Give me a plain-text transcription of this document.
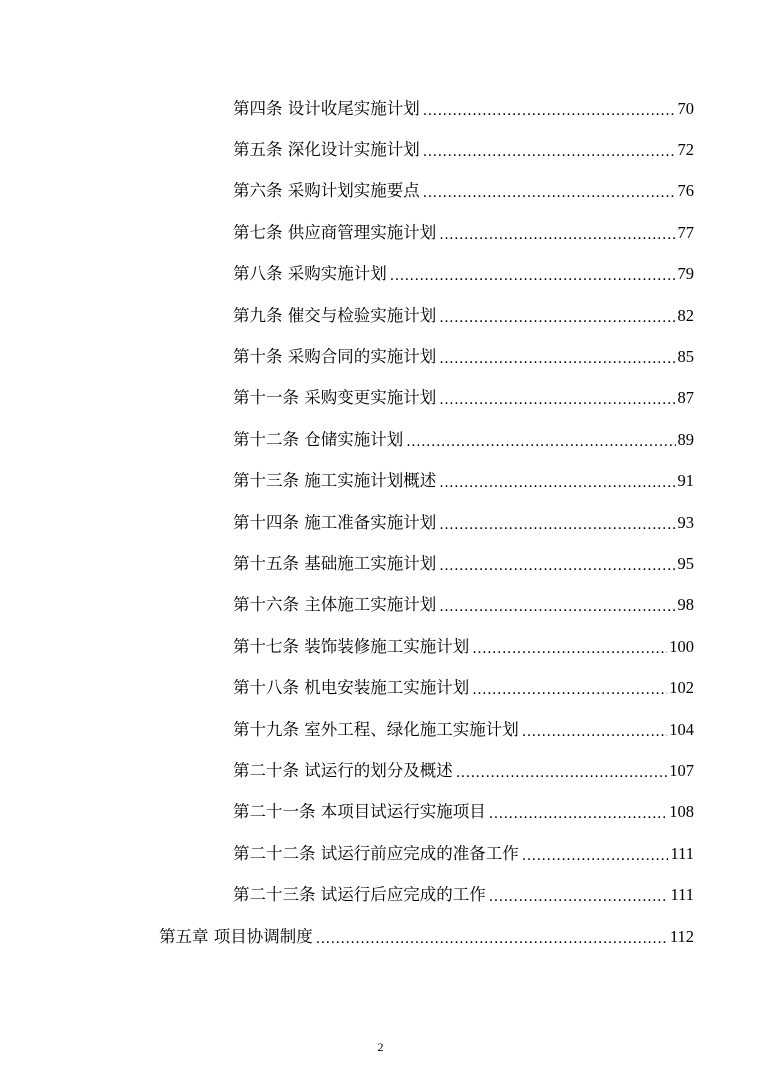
第四条 设计收尾实施计划 .....	70
第五条 深化设计实施计划 .....	72
第六条 采购计划实施要点 .....	76
第七条 供应商管理实施计划 .....	77
第八条 采购实施计划 .....	79
第九条 催交与检验实施计划 .....	82
第十条 采购合同的实施计划 .....	85
第十一条 采购变更实施计划 .....	87
第十二条 仓储实施计划 .....	89
第十三条 施工实施计划概述 .....	91
第十四条 施工准备实施计划 .....	93
第十五条 基础施工实施计划 .....	95
第十六条 主体施工实施计划 .....	98
第十七条 装饰装修施工实施计划 .....	100
第十八条 机电安装施工实施计划 .....	102
第十九条 室外工程、绿化施工实施计划 .....	104
第二十条 试运行的划分及概述 .....	107
第二十一条 本项目试运行实施项目 .....	108
第二十二条 试运行前应完成的准备工作 .....	111
第二十三条 试运行后应完成的工作 .....	111
第五章 项目协调制度 .....	112
2
